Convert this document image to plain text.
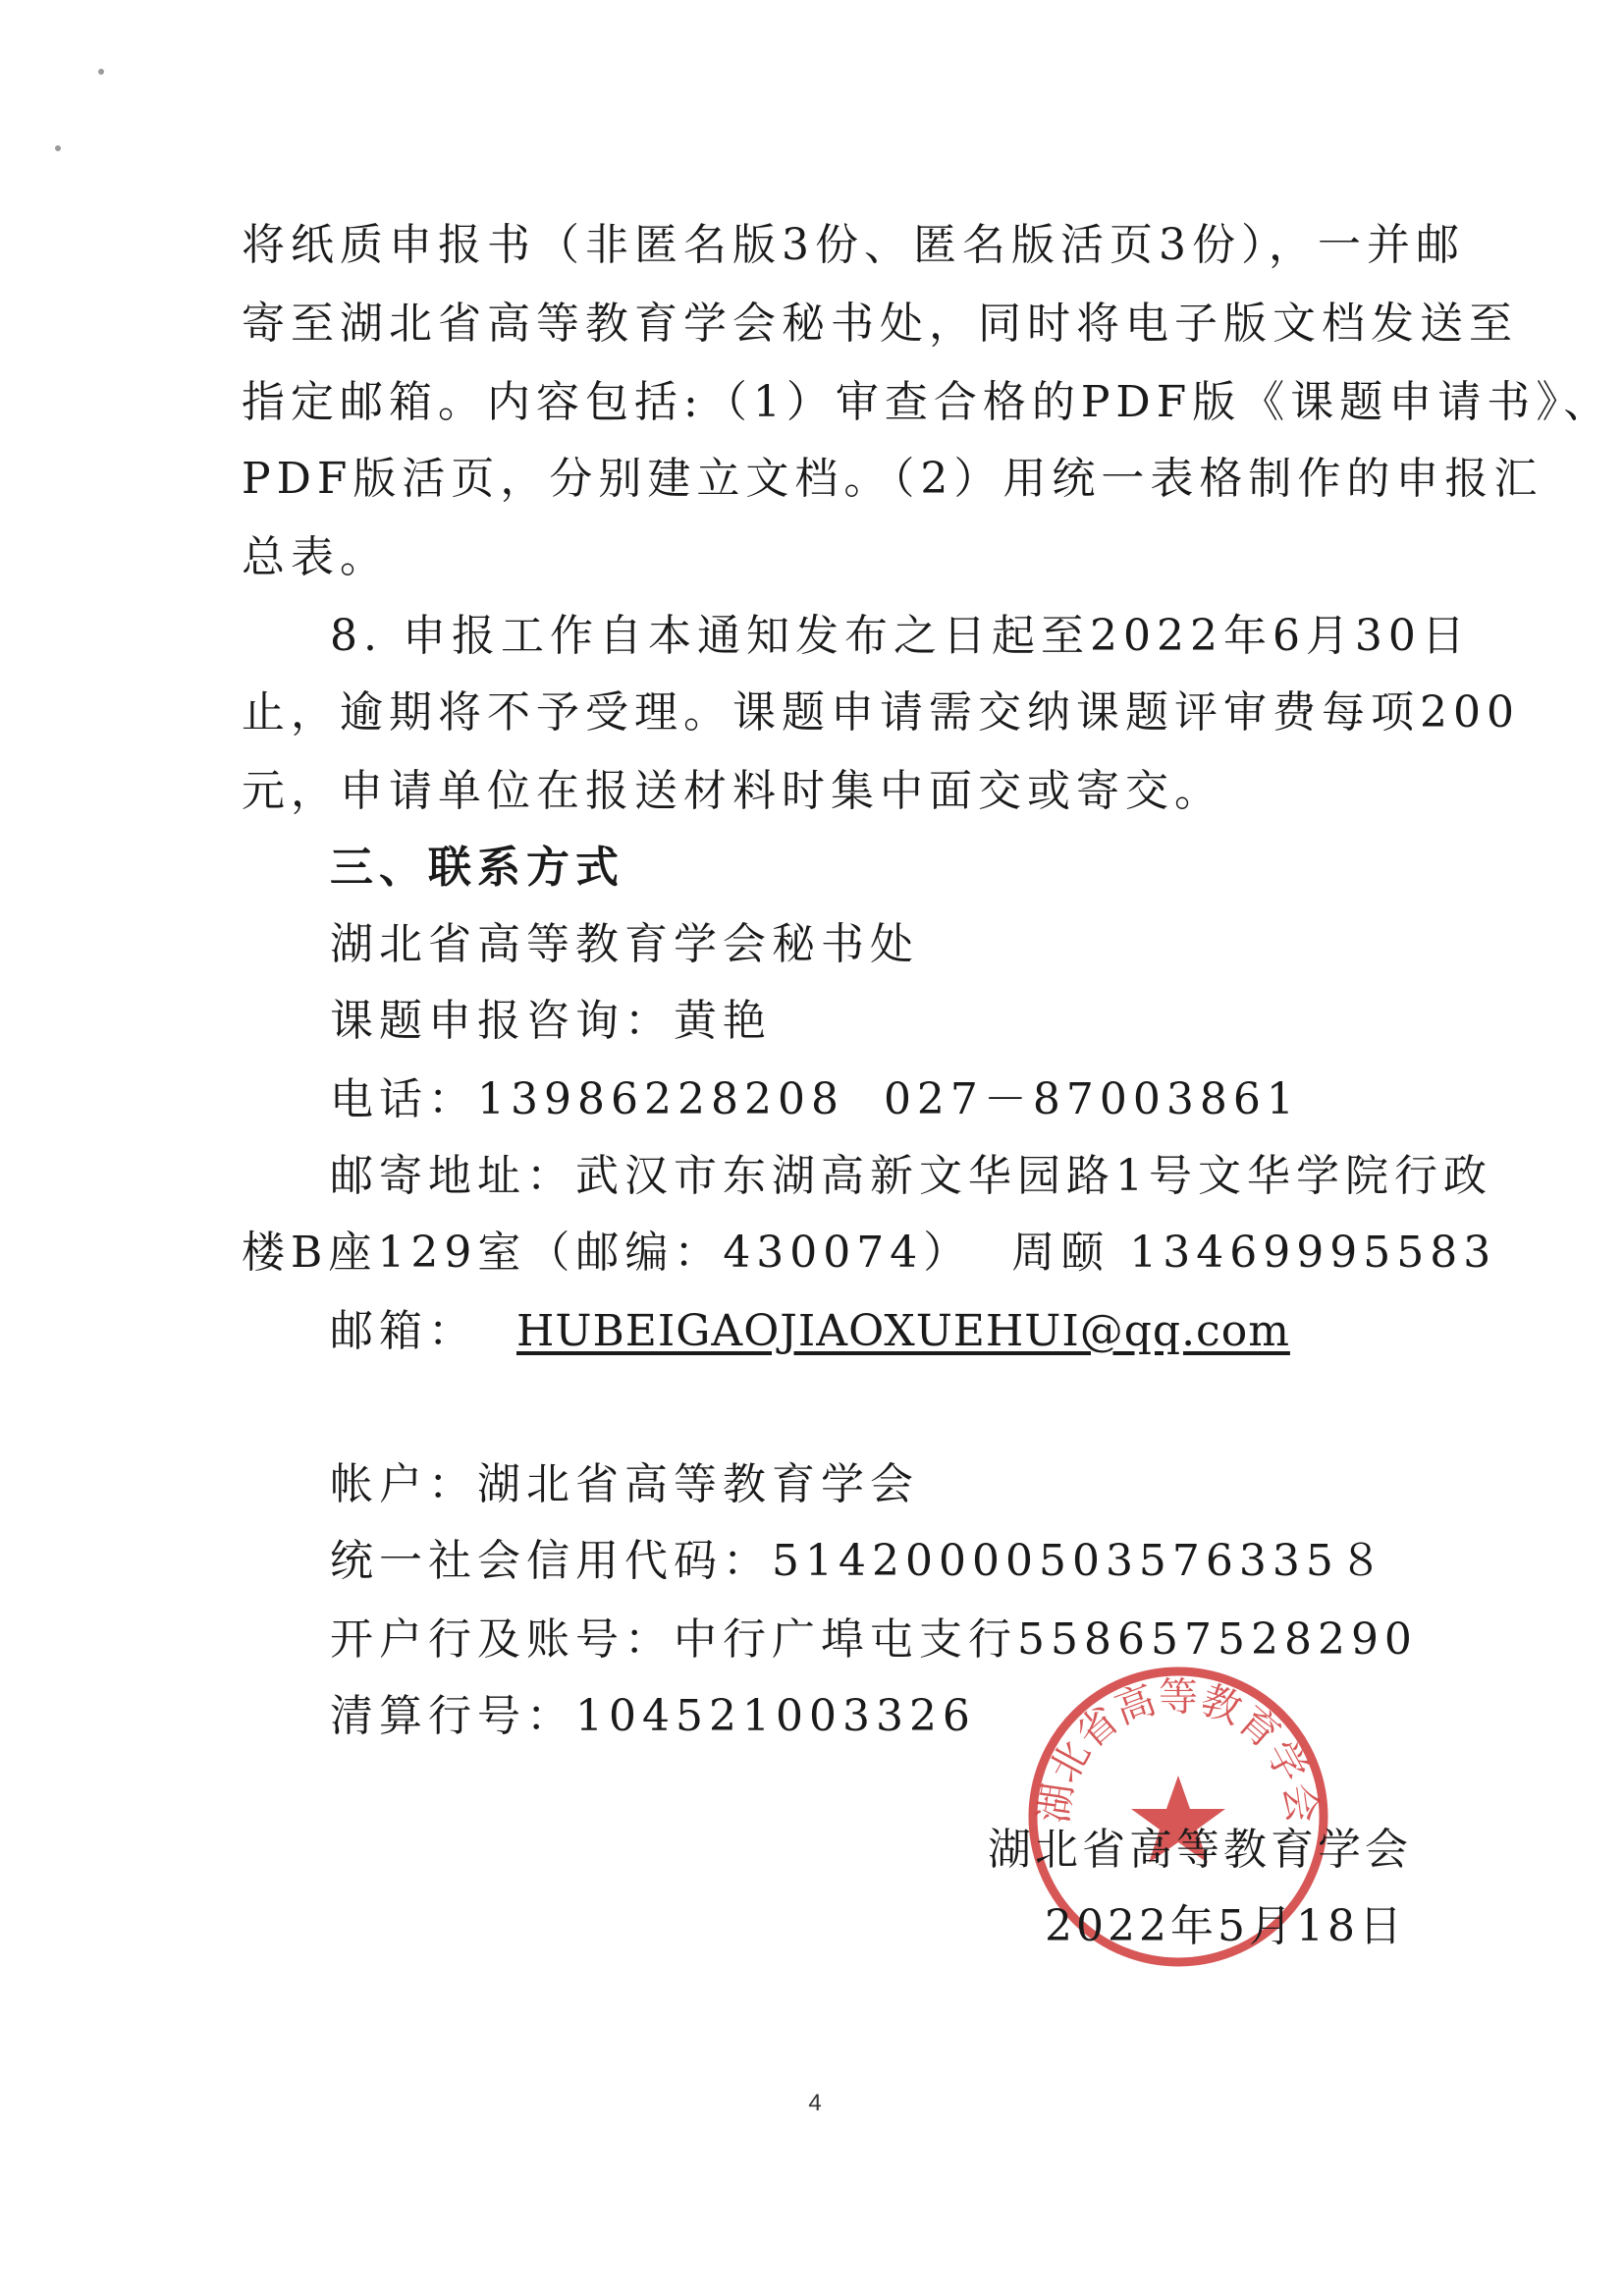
将纸质申报书（非匿名版3份、匿名版活页3份），一并邮
寄至湖北省高等教育学会秘书处，同时将电子版文档发送至
指定邮箱。内容包括:（1）审查合格的PDF版《课题申请书》、
PDF版活页，分别建立文档。（2）用统一表格制作的申报汇
总表。
8. 申报工作自本通知发布之日起至2022年6月30日
止，逾期将不予受理。课题申请需交纳课题评审费每项200
元，申请单位在报送材料时集中面交或寄交。
三、联系方式
湖北省高等教育学会秘书处
课题申报咨询：黄艳
电话：13986228208 027－87003861
邮寄地址：武汉市东湖高新文华园路1号文华学院行政
楼B座129室（邮编：430074） 周颐 13469995583
邮箱： HUBEIGAOJIAOXUEHUI@qq.com
帐户：湖北省高等教育学会
统一社会信用代码：51420000503576335８
开户行及账号：中行广埠屯支行558657528290
清算行号：104521003326
湖北省高等教育学会
湖北省高等教育学会
2022年5月18日
4
